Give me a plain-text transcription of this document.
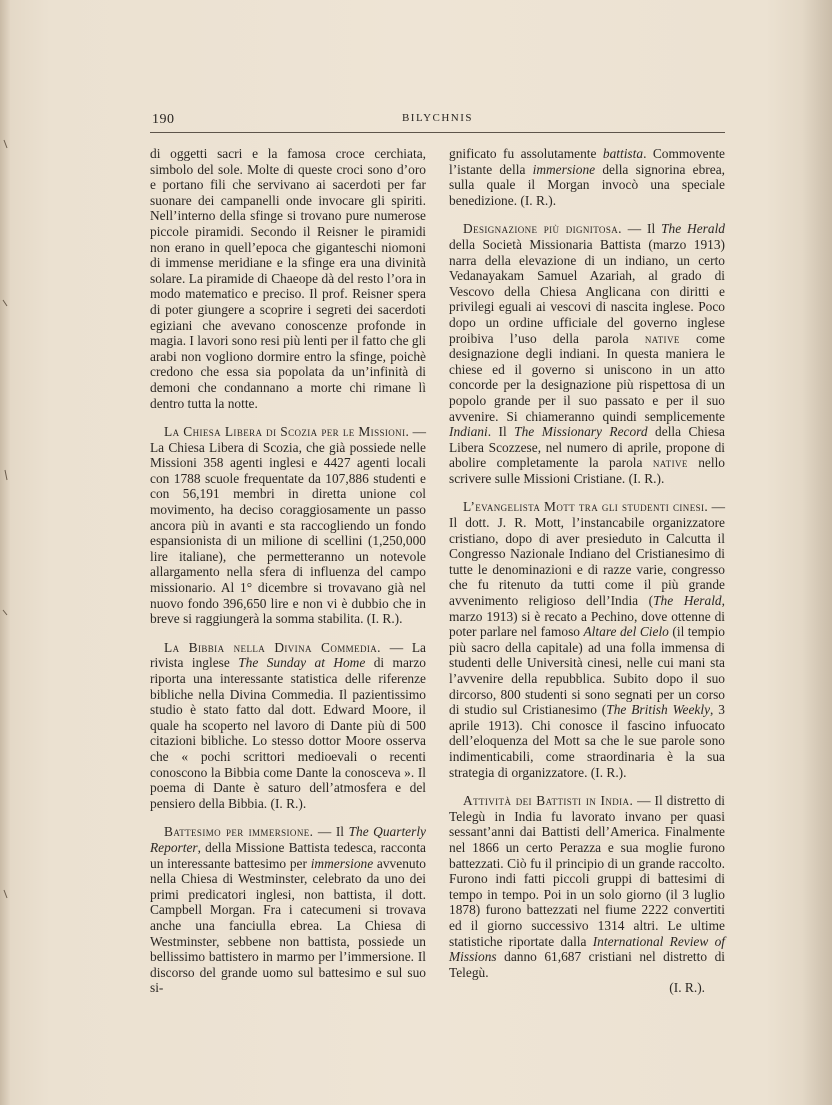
190	BILYCHNIS

di oggetti sacri e la famosa croce cerchiata, simbolo del sole. Molte di queste croci sono d’oro e portano fili che servivano ai sacerdoti per far suonare dei campanelli onde invocare gli spiriti. Nell’interno della sfinge si trovano pure numerose piccole piramidi. Secondo il Reisner le piramidi non erano in quell’epoca che giganteschi niomoni di immense meridiane e la sfinge era una divinità solare. La piramide di Chaeope dà del resto l’ora in modo matematico e preciso. Il prof. Reisner spera di poter giungere a scoprire i segreti dei sacerdoti egiziani che avevano conoscenze profonde in magia. I lavori sono resi più lenti per il fatto che gli arabi non vogliono dormire entro la sfinge, poichè credono che essa sia popolata da un’infinità di demoni che condannano a morte chi rimane lì dentro tutta la notte.

La Chiesa Libera di Scozia per le Missioni. — La Chiesa Libera di Scozia, che già possiede nelle Missioni 358 agenti inglesi e 4427 agenti locali con 1788 scuole frequentate da 107,886 studenti e con 56,191 membri in diretta unione col movimento, ha deciso coraggiosamente un passo ancora più in avanti e sta raccogliendo un fondo espansionista di un milione di scellini (1,250,000 lire italiane), che permetteranno un notevole allargamento nella sfera di influenza del campo missionario. Al 1° dicembre si trovavano già nel nuovo fondo 396,650 lire e non vi è dubbio che in breve si raggiungerà la somma stabilita. (I. R.).

La Bibbia nella Divina Commedia. — La rivista inglese The Sunday at Home di marzo riporta una interessante statistica delle riferenze bibliche nella Divina Commedia. Il pazientissimo studio è stato fatto dal dott. Edward Moore, il quale ha scoperto nel lavoro di Dante più di 500 citazioni bibliche. Lo stesso dottor Moore osserva che « pochi scrittori medioevali o recenti conoscono la Bibbia come Dante la conosceva ». Il poema di Dante è saturo dell’atmosfera e del pensiero della Bibbia. (I. R.).

Battesimo per immersione. — Il The Quarterly Reporter, della Missione Battista tedesca, racconta un interessante battesimo per immersione avvenuto nella Chiesa di Westminster, celebrato da uno dei primi predicatori inglesi, non battista, il dott. Campbell Morgan. Fra i catecumeni si trovava anche una fanciulla ebrea. La Chiesa di Westminster, sebbene non battista, possiede un bellissimo battistero in marmo per l’immersione. Il discorso del grande uomo sul battesimo e sul suo si-

gnificato fu assolutamente battista. Commovente l’istante della immersione della signorina ebrea, sulla quale il Morgan invocò una speciale benedizione. (I. R.).

Designazione più dignitosa. — Il The Herald della Società Missionaria Battista (marzo 1913) narra della elevazione di un indiano, un certo Vedanayakam Samuel Azariah, al grado di Vescovo della Chiesa Anglicana con diritti e privilegi eguali ai vescovi di nascita inglese. Poco dopo un ordine ufficiale del governo inglese proibiva l’uso della parola native come designazione degli indiani. In questa maniera le chiese ed il governo si uniscono in un atto concorde per la designazione più rispettosa di un popolo grande per il suo passato e per il suo avvenire. Si chiameranno quindi semplicemente Indiani. Il The Missionary Record della Chiesa Libera Scozzese, nel numero di aprile, propone di abolire completamente la parola native nello scrivere sulle Missioni Cristiane. (I. R.).

L’evangelista Mott tra gli studenti cinesi. — Il dott. J. R. Mott, l’instancabile organizzatore cristiano, dopo di aver presieduto in Calcutta il Congresso Nazionale Indiano del Cristianesimo di tutte le denominazioni e di razze varie, congresso che fu ritenuto da tutti come il più grande avvenimento religioso dell’India (The Herald, marzo 1913) si è recato a Pechino, dove ottenne di poter parlare nel famoso Altare del Cielo (il tempio più sacro della capitale) ad una folla immensa di studenti delle Università cinesi, nelle cui mani sta l’avvenire della repubblica. Subito dopo il suo dircorso, 800 studenti si sono segnati per un corso di studio sul Cristianesimo (The British Weekly, 3 aprile 1913). Chi conosce il fascino infuocato dell’eloquenza del Mott sa che le sue parole sono indimenticabili, come straordinaria è la sua strategia di organizzatore. (I. R.).

Attività dei Battisti in India. — Il distretto di Telegù in India fu lavorato invano per quasi sessant’anni dai Battisti dell’America. Finalmente nel 1866 un certo Perazza e sua moglie furono battezzati. Ciò fu il principio di un grande raccolto. Furono indi fatti piccoli gruppi di battesimi di tempo in tempo. Poi in un solo giorno (il 3 luglio 1878) furono battezzati nel fiume 2222 convertiti ed il giorno successivo 1314 altri. Le ultime statistiche riportate dalla International Review of Missions danno 61,687 cristiani nel distretto di Telegù.

(I. R.).
